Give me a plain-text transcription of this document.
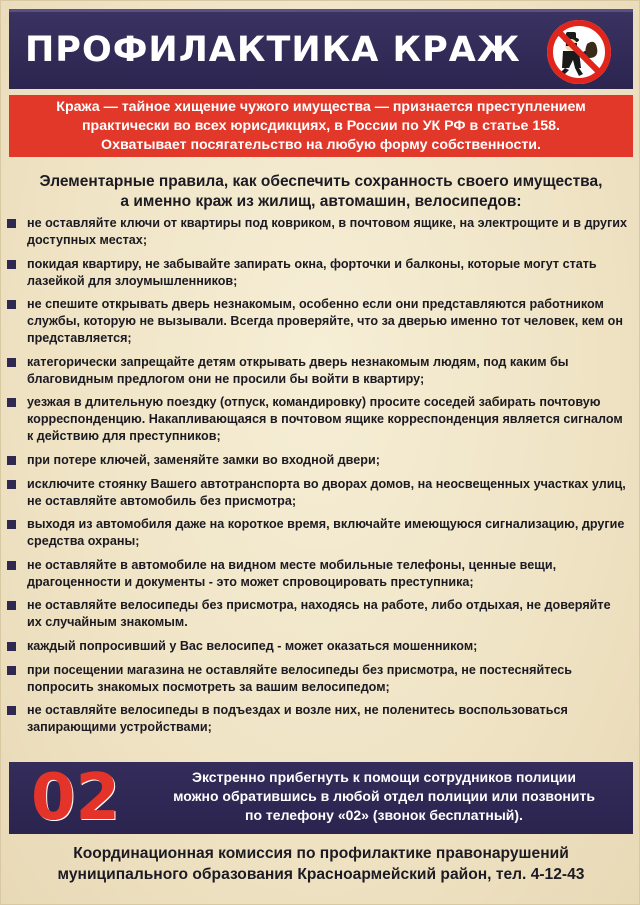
ПРОФИЛАКТИКА КРАЖ
Кража — тайное хищение чужого имущества — признается преступлением
практически во всех юрисдикциях, в России по УК РФ в статье 158.
Охватывает посягательство на любую форму собственности.
Элементарные правила, как обеспечить сохранность своего имущества,
а именно краж из жилищ, автомашин, велосипедов:
не оставляйте ключи от квартиры под ковриком, в почтовом ящике, на электрощите и в других доступных местах;
покидая квартиру, не забывайте запирать окна, форточки и балконы, которые могут стать лазейкой для злоумышленников;
не спешите открывать дверь незнакомым, особенно если они представляются работником службы, которую не вызывали. Всегда проверяйте, что за дверью именно тот человек, кем он представляется;
категорически запрещайте детям открывать дверь незнакомым людям, под каким бы благовидным предлогом они не просили бы войти в квартиру;
уезжая в длительную поездку (отпуск, командировку) просите соседей забирать почтовую корреспонденцию. Накапливающаяся в почтовом ящике корреспонденция является сигналом к действию для преступников;
при потере ключей, заменяйте замки во входной двери;
исключите стоянку Вашего автотранспорта во дворах домов, на неосвещенных участках улиц, не оставляйте автомобиль без присмотра;
выходя из автомобиля даже на короткое время, включайте имеющуюся сигнализацию, другие средства охраны;
не оставляйте в автомобиле на видном месте мобильные телефоны, ценные вещи, драгоценности и документы - это может спровоцировать преступника;
не оставляйте велосипеды без присмотра, находясь на работе, либо отдыхая, не доверяйте их случайным знакомым.
каждый попросивший у Вас велосипед - может оказаться мошенником;
при посещении магазина не оставляйте велосипеды без присмотра, не постесняйтесь попросить знакомых посмотреть за вашим велосипедом;
не оставляйте велосипеды в подъездах и возле них, не поленитесь воспользоваться запирающими устройствами;
02	Экстренно прибегнуть к помощи сотрудников полиции
можно обратившись в любой отдел полиции или позвонить
по телефону «02» (звонок бесплатный).
Координационная комиссия по профилактике правонарушений
муниципального образования Красноармейский район, тел. 4-12-43
